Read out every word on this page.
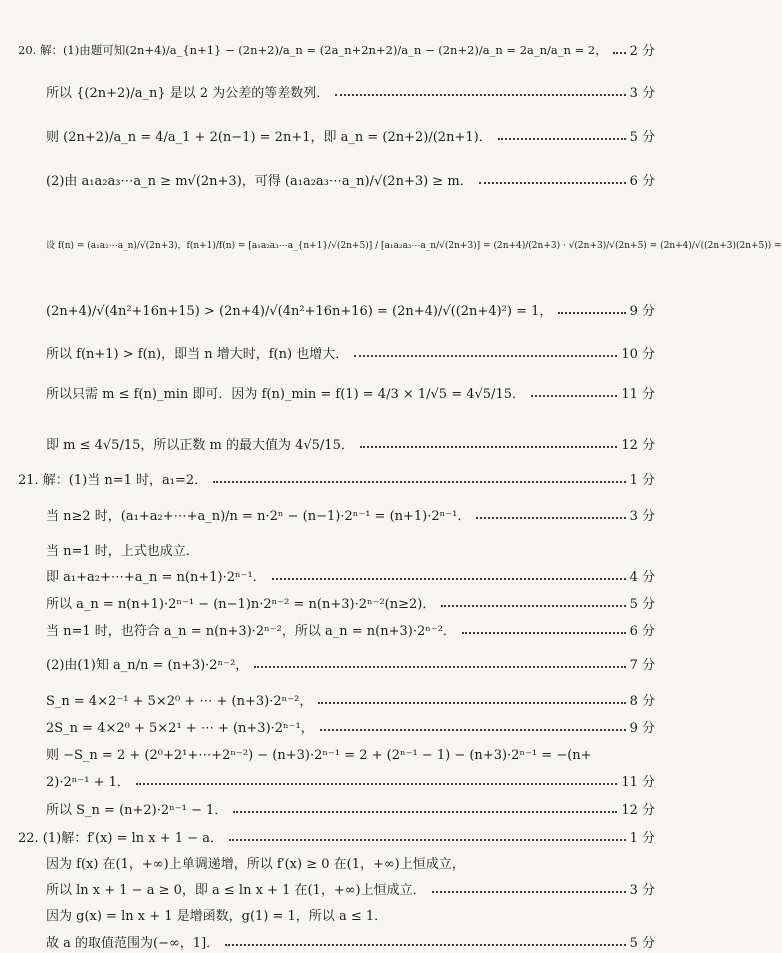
20. 解：(1)由题可知(2n+4)/a_{n+1} − (2n+2)/a_n = (2a_n+2n+2)/a_n − (2n+2)/a_n = 2a_n/a_n = 2， 2 分
所以 {(2n+2)/a_n} 是以 2 为公差的等差数列．	3 分
则 (2n+2)/a_n = 4/a_1 + 2(n−1) = 2n+1，即 a_n = (2n+2)/(2n+1)．	5 分
(2)由 a₁a₂a₃⋯a_n ≥ m√(2n+3)，可得 (a₁a₂a₃⋯a_n)/√(2n+3) ≥ m．	6 分
设 f(n) = (a₁a₂⋯a_n)/√(2n+3)，f(n+1)/f(n) = [a₁a₂a₃⋯a_{n+1}/√(2n+5)] / [a₁a₂a₃⋯a_n/√(2n+3)] = (2n+4)/(2n+3) · √(2n+3)/√(2n+5) = (2n+4)/√((2n+3)(2n+5)) =
(2n+4)/√(4n²+16n+15) > (2n+4)/√(4n²+16n+16) = (2n+4)/√((2n+4)²) = 1，	9 分
所以 f(n+1) > f(n)，即当 n 增大时，f(n) 也增大．	10 分
所以只需 m ≤ f(n)_min 即可．因为 f(n)_min = f(1) = 4/3 × 1/√5 = 4√5/15．	11 分
即 m ≤ 4√5/15，所以正数 m 的最大值为 4√5/15．	12 分
21. 解：(1)当 n=1 时，a₁=2．	1 分
当 n≥2 时，(a₁+a₂+⋯+a_n)/n = n·2ⁿ − (n−1)·2ⁿ⁻¹ = (n+1)·2ⁿ⁻¹．	3 分
当 n=1 时，上式也成立．
即 a₁+a₂+⋯+a_n = n(n+1)·2ⁿ⁻¹．	4 分
所以 a_n = n(n+1)·2ⁿ⁻¹ − (n−1)n·2ⁿ⁻² = n(n+3)·2ⁿ⁻²(n≥2)．	5 分
当 n=1 时，也符合 a_n = n(n+3)·2ⁿ⁻²，所以 a_n = n(n+3)·2ⁿ⁻²．	6 分
(2)由(1)知 a_n/n = (n+3)·2ⁿ⁻²，	7 分
S_n = 4×2⁻¹ + 5×2⁰ + ⋯ + (n+3)·2ⁿ⁻²，	8 分
2S_n = 4×2⁰ + 5×2¹ + ⋯ + (n+3)·2ⁿ⁻¹，	9 分
则 −S_n = 2 + (2⁰+2¹+⋯+2ⁿ⁻²) − (n+3)·2ⁿ⁻¹ = 2 + (2ⁿ⁻¹ − 1) − (n+3)·2ⁿ⁻¹ = −(n+
2)·2ⁿ⁻¹ + 1．	11 分
所以 S_n = (n+2)·2ⁿ⁻¹ − 1．	12 分
22. (1)解：f′(x) = ln x + 1 − a．	1 分
因为 f(x) 在(1，+∞)上单调递增，所以 f′(x) ≥ 0 在(1，+∞)上恒成立，
所以 ln x + 1 − a ≥ 0，即 a ≤ ln x + 1 在(1，+∞)上恒成立．	3 分
因为 g(x) = ln x + 1 是增函数，g(1) = 1，所以 a ≤ 1．
故 a 的取值范围为(−∞，1]．	5 分
